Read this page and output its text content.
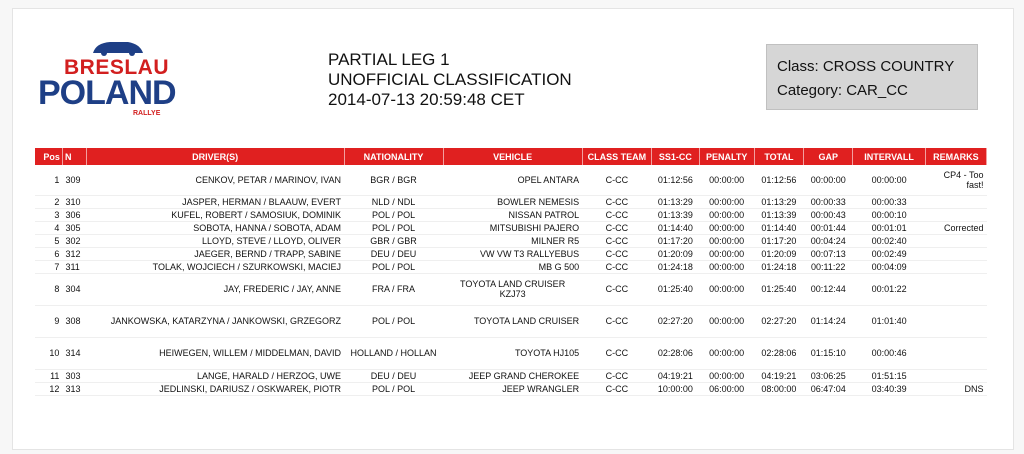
BRESLAU
POLAND
RALLYE
PARTIAL LEG 1
UNOFFICIAL CLASSIFICATION
2014-07-13 20:59:48 CET
Class: CROSS COUNTRY
Category: CAR_CC
Pos	N	DRIVER(S)	NATIONALITY	VEHICLE	CLASS TEAM	SS1-CC	PENALTY	TOTAL	GAP	INTERVALL	REMARKS
1	309	CENKOV, PETAR / MARINOV, IVAN	BGR / BGR	OPEL ANTARA	C-CC	01:12:56	00:00:00	01:12:56	00:00:00	00:00:00	CP4 - Too fast!
2	310	JASPER, HERMAN / BLAAUW, EVERT	NLD / NDL	BOWLER NEMESIS	C-CC	01:13:29	00:00:00	01:13:29	00:00:33	00:00:33	
3	306	KUFEL, ROBERT / SAMOSIUK, DOMINIK	POL / POL	NISSAN PATROL	C-CC	01:13:39	00:00:00	01:13:39	00:00:43	00:00:10	
4	305	SOBOTA, HANNA / SOBOTA, ADAM	POL / POL	MITSUBISHI PAJERO	C-CC	01:14:40	00:00:00	01:14:40	00:01:44	00:01:01	Corrected
5	302	LLOYD, STEVE / LLOYD, OLIVER	GBR / GBR	MILNER R5	C-CC	01:17:20	00:00:00	01:17:20	00:04:24	00:02:40	
6	312	JAEGER, BERND / TRAPP, SABINE	DEU / DEU	VW VW T3 RALLYEBUS	C-CC	01:20:09	00:00:00	01:20:09	00:07:13	00:02:49	
7	311	TOLAK, WOJCIECH / SZURKOWSKI, MACIEJ	POL / POL	MB G 500	C-CC	01:24:18	00:00:00	01:24:18	00:11:22	00:04:09	
8	304	JAY, FREDERIC / JAY, ANNE	FRA / FRA	TOYOTA LAND CRUISER KZJ73	C-CC	01:25:40	00:00:00	01:25:40	00:12:44	00:01:22	
9	308	JANKOWSKA, KATARZYNA / JANKOWSKI, GRZEGORZ	POL / POL	TOYOTA LAND CRUISER	C-CC	02:27:20	00:00:00	02:27:20	01:14:24	01:01:40	
10	314	HEIWEGEN, WILLEM / MIDDELMAN, DAVID	HOLLAND / HOLLAN	TOYOTA HJ105	C-CC	02:28:06	00:00:00	02:28:06	01:15:10	00:00:46	
11	303	LANGE, HARALD / HERZOG, UWE	DEU / DEU	JEEP GRAND CHEROKEE	C-CC	04:19:21	00:00:00	04:19:21	03:06:25	01:51:15	
12	313	JEDLINSKI, DARIUSZ / OSKWAREK, PIOTR	POL / POL	JEEP WRANGLER	C-CC	10:00:00	06:00:00	08:00:00	06:47:04	03:40:39	DNS
